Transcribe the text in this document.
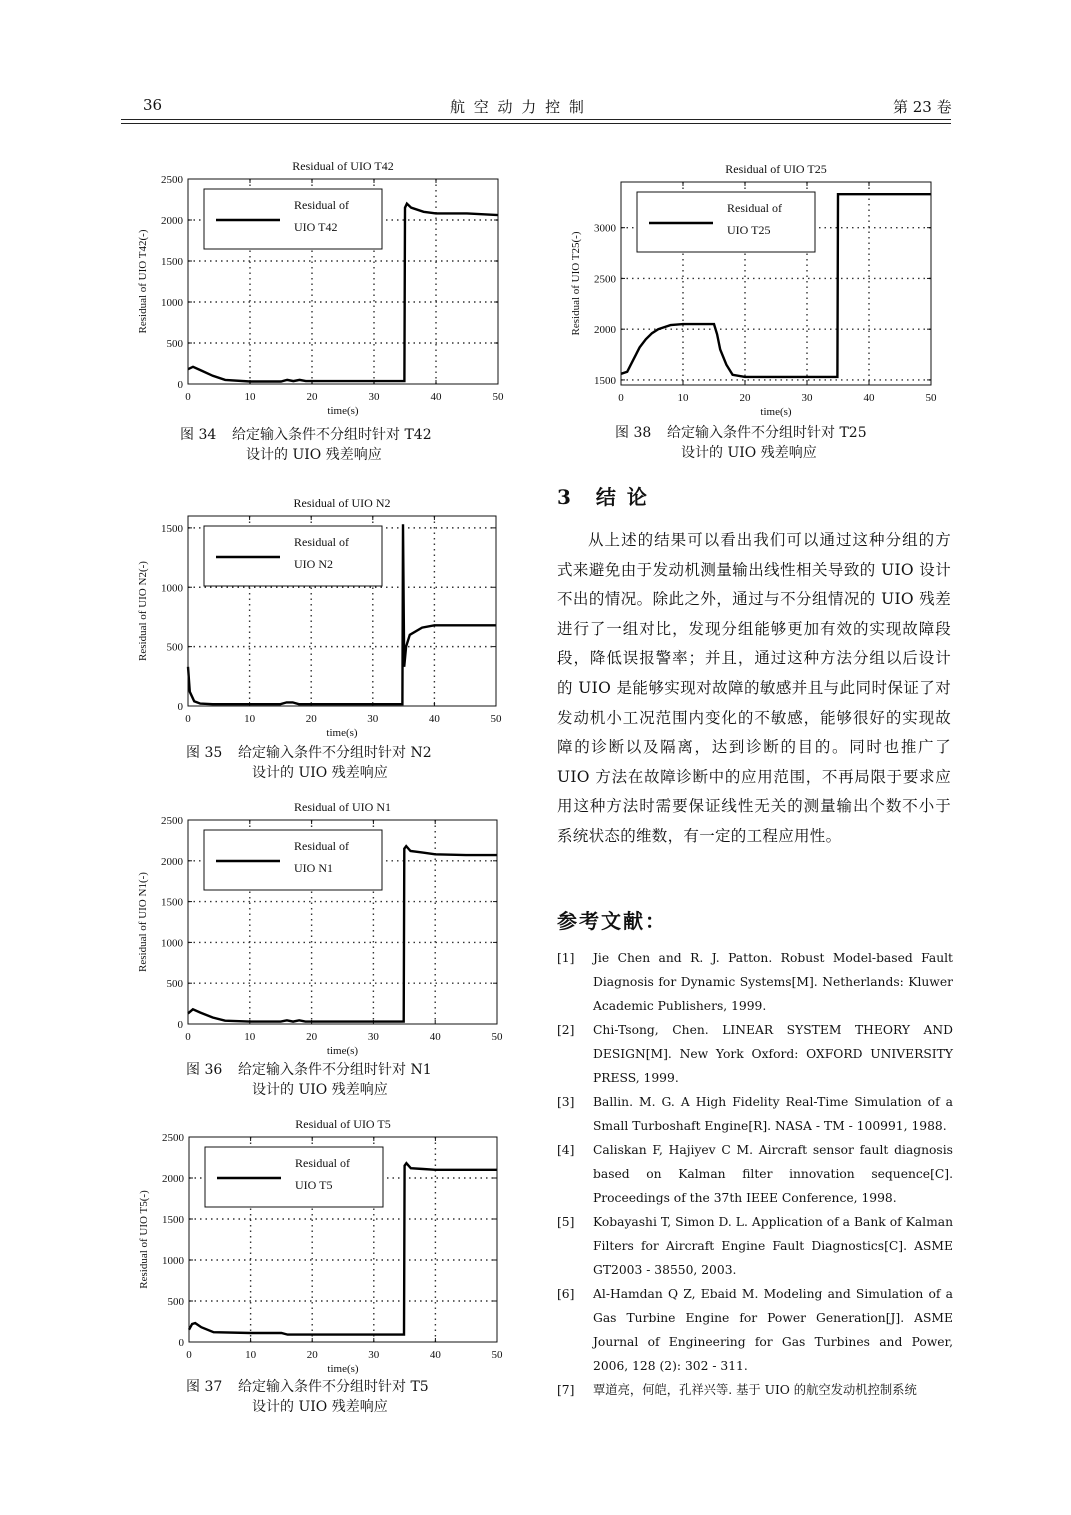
36	航 空 动 力 控 制	第 23 卷
Residual of UIO T42
0	10	20	30	40	50
0
500
1000
1500
2000
2500
time(s)
Residual of UIO T42(-)
Residual of
UIO T42
图 34 给定输入条件不分组时针对 T42
设计的 UIO 残差响应
Residual of UIO N2
0	10	20	30	40	50
0
500
1000
1500
time(s)
Residual of UIO N2(-)
Residual of
UIO N2
图 35 给定输入条件不分组时针对 N2
设计的 UIO 残差响应
Residual of UIO N1
0	10	20	30	40	50
0
500
1000
1500
2000
2500
time(s)
Residual of UIO N1(-)
Residual of
UIO N1
图 36 给定输入条件不分组时针对 N1
设计的 UIO 残差响应
Residual of UIO T5
0	10	20	30	40	50
0
500
1000
1500
2000
2500
time(s)
Residual of UIO T5(-)
Residual of
UIO T5
图 37 给定输入条件不分组时针对 T5
设计的 UIO 残差响应
Residual of UIO T25
0	10	20	30	40	50
1500
2000
2500
3000
time(s)
Residual of UIO T25(-)
Residual of
UIO T25
图 38 给定输入条件不分组时针对 T25
设计的 UIO 残差响应
3 结 论

从上述的结果可以看出我们可以通过这种分组的方式来避免由于发动机测量输出线性相关导致的 UIO 设计不出的情况。除此之外，通过与不分组情况的 UIO 残差进行了一组对比，发现分组能够更加有效的实现故障段段，降低误报警率；并且，通过这种方法分组以后设计的 UIO 是能够实现对故障的敏感并且与此同时保证了对发动机小工况范围内变化的不敏感，能够很好的实现故障的诊断以及隔离，达到诊断的目的。同时也推广了 UIO 方法在故障诊断中的应用范围，不再局限于要求应用这种方法时需要保证线性无关的测量输出个数不小于系统状态的维数，有一定的工程应用性。

参考文献：
[1] Jie Chen and R. J. Patton. Robust Model-based Fault Diagnosis for Dynamic Systems[M]. Netherlands: Kluwer Academic Publishers, 1999.
[2] Chi-Tsong, Chen. LINEAR SYSTEM THEORY AND DESIGN[M]. New York Oxford: OXFORD UNIVERSITY PRESS, 1999.
[3] Ballin. M. G. A High Fidelity Real-Time Simulation of a Small Turboshaft Engine[R]. NASA - TM - 100991, 1988.
[4] Caliskan F, Hajiyev C M. Aircraft sensor fault diagnosis based on Kalman filter innovation sequence[C]. Proceedings of the 37th IEEE Conference, 1998.
[5] Kobayashi T, Simon D. L. Application of a Bank of Kalman Filters for Aircraft Engine Fault Diagnostics[C]. ASME GT2003 - 38550, 2003.
[6] Al-Hamdan Q Z, Ebaid M. Modeling and Simulation of a Gas Turbine Engine for Power Generation[J]. ASME Journal of Engineering for Gas Turbines and Power, 2006, 128 (2): 302 - 311.
[7] 覃道亮，何皑，孔祥兴等. 基于 UIO 的航空发动机控制系统
